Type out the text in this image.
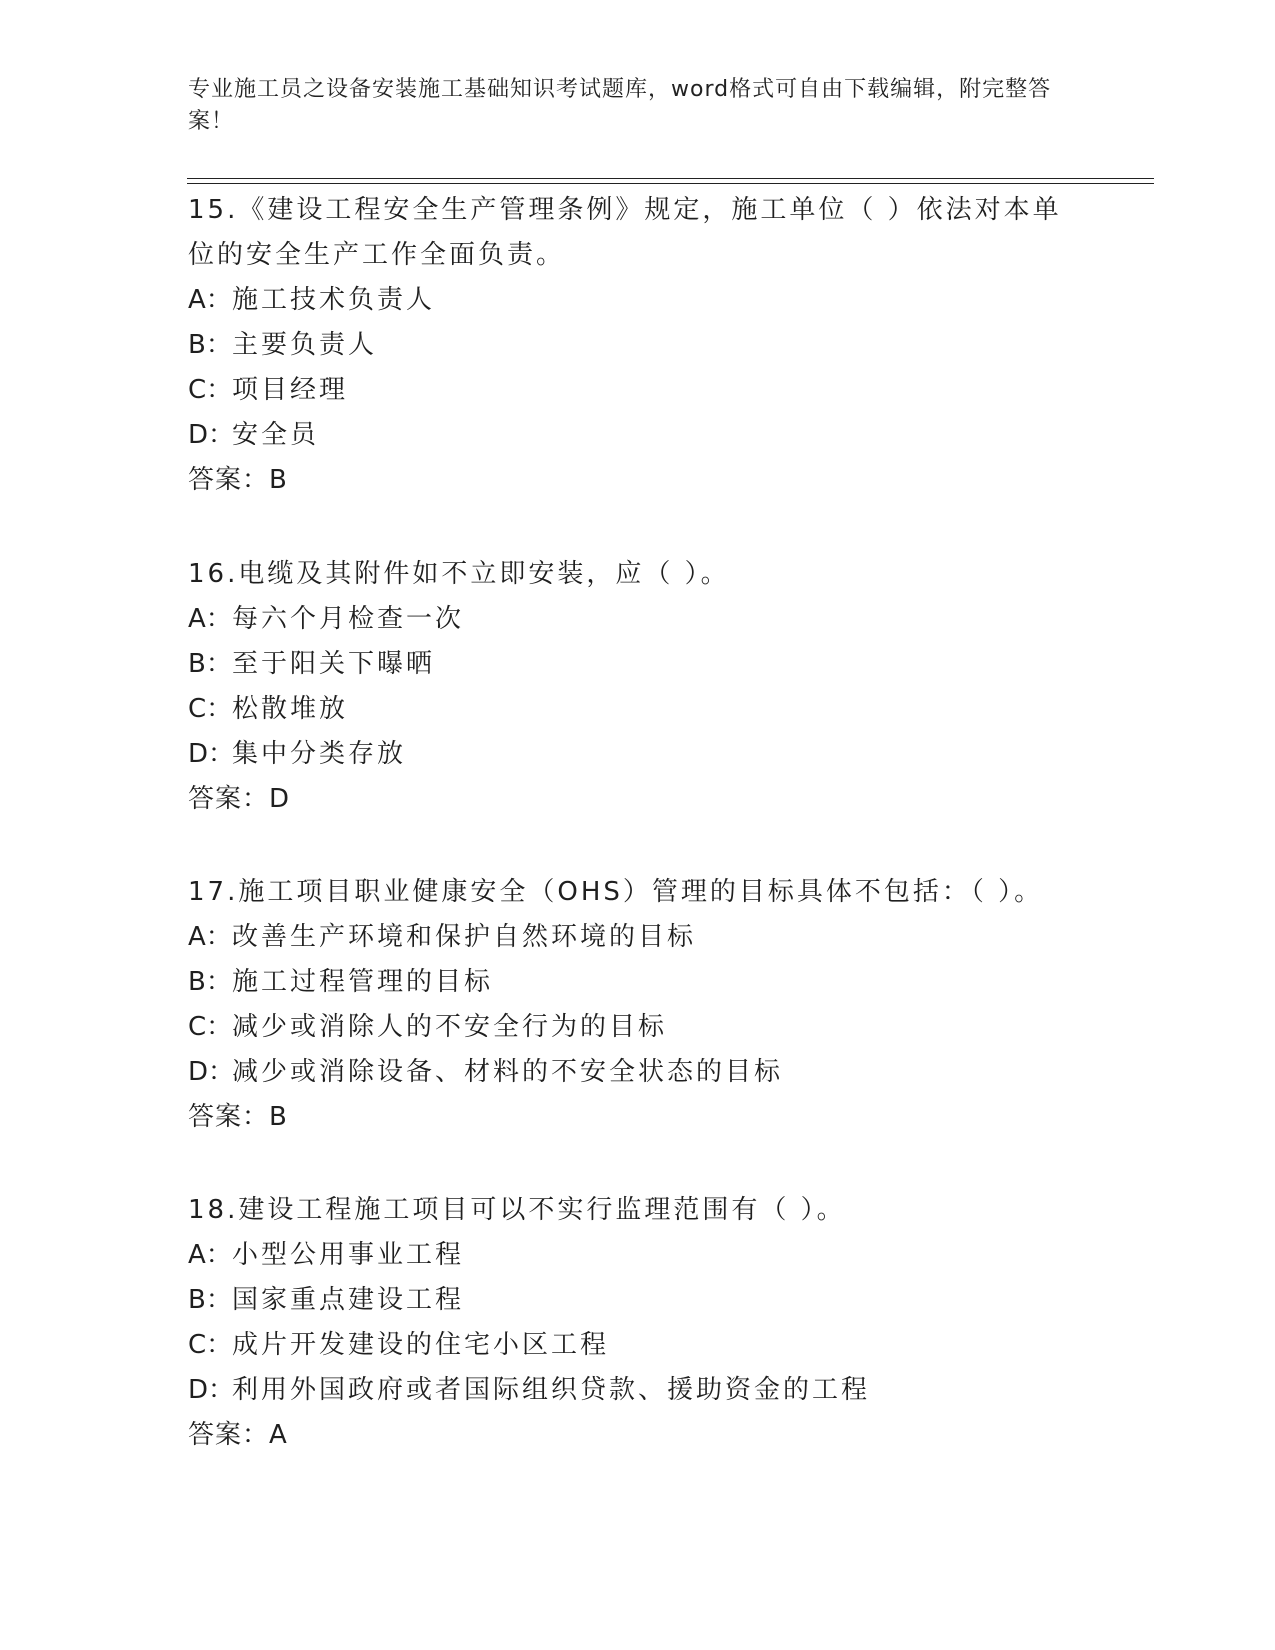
专业施工员之设备安装施工基础知识考试题库，word格式可自由下载编辑，附完整答案！

15.《建设工程安全生产管理条例》规定，施工单位（ ）依法对本单位的安全生产工作全面负责。

A：施工技术负责人

B：主要负责人

C：项目经理

D：安全员

答案：B

16.电缆及其附件如不立即安装，应（ ）。

A：每六个月检查一次

B：至于阳关下曝晒

C：松散堆放

D：集中分类存放

答案：D

17.施工项目职业健康安全（OHS）管理的目标具体不包括：（ ）。

A：改善生产环境和保护自然环境的目标

B：施工过程管理的目标

C：减少或消除人的不安全行为的目标

D：减少或消除设备、材料的不安全状态的目标

答案：B

18.建设工程施工项目可以不实行监理范围有（ ）。

A：小型公用事业工程

B：国家重点建设工程

C：成片开发建设的住宅小区工程

D：利用外国政府或者国际组织贷款、援助资金的工程

答案：A
